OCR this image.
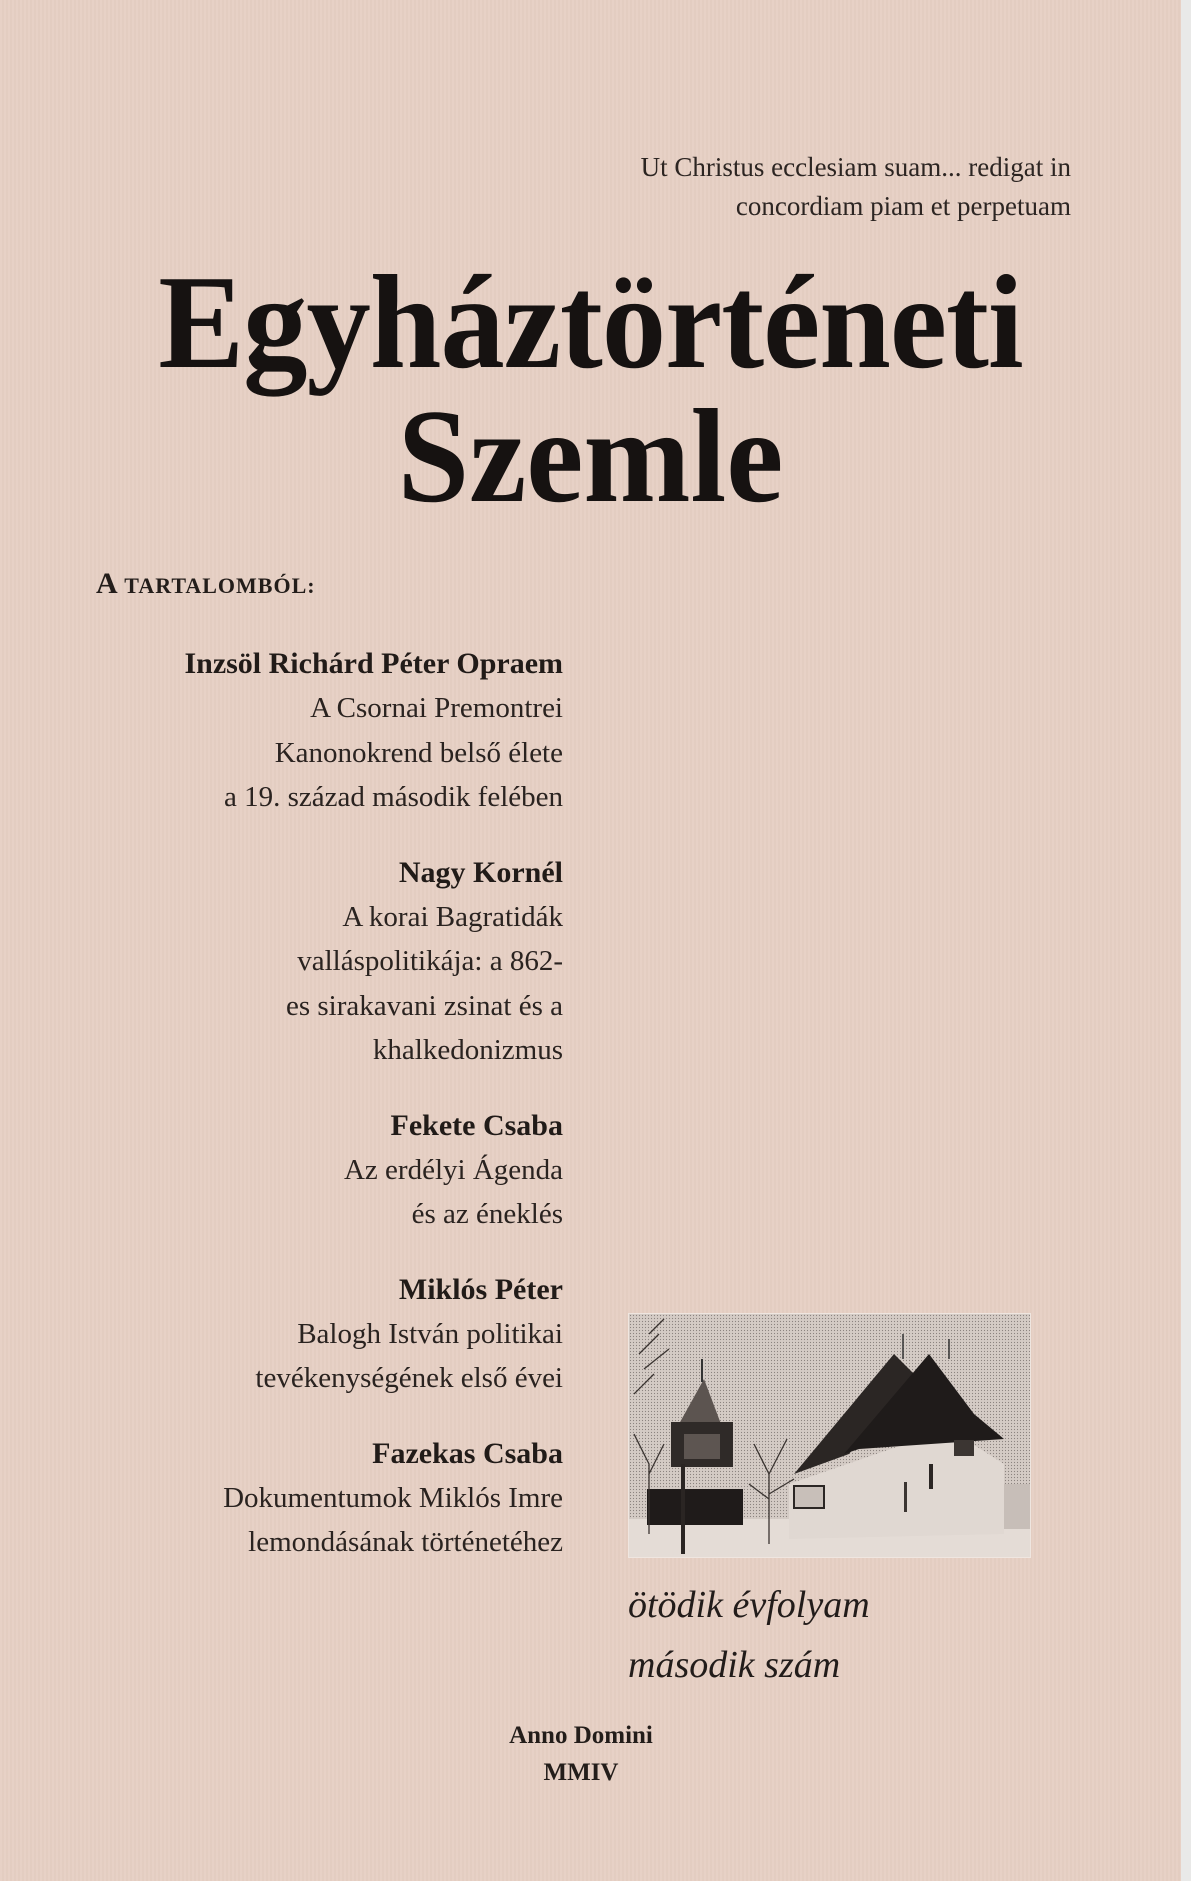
Ut Christus ecclesiam suam... redigat in
concordiam piam et perpetuam
Egyháztörténeti
Szemle
A TARTALOMBÓL:
Inzsöl Richárd Péter Opraem
A Csornai Premontrei
Kanonokrend belső élete
a 19. század második felében
Nagy Kornél
A korai Bagratidák
valláspolitikája: a 862-
es sirakavani zsinat és a
khalkedonizmus
Fekete Csaba
Az erdélyi Ágenda
és az éneklés
Miklós Péter
Balogh István politikai
tevékenységének első évei
Fazekas Csaba
Dokumentumok Miklós Imre
lemondásának történetéhez
ötödik évfolyam
második szám
Anno Domini
MMIV
